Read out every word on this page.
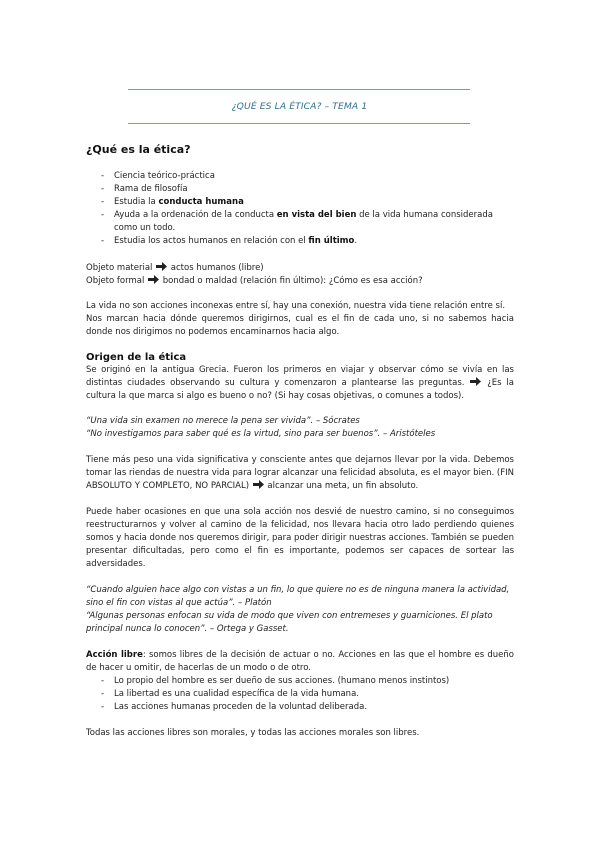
¿QUÉ ES LA ÉTICA? – TEMA 1
¿Qué es la ética?
- Ciencia teórico-práctica
- Rama de filosofía
- Estudia la conducta humana
- Ayuda a la ordenación de la conducta en vista del bien de la vida humana considerada como un todo.
- Estudia los actos humanos en relación con el fin último.

Objeto material actos humanos (libre)

Objeto formal bondad o maldad (relación fin último): ¿Cómo es esa acción?

La vida no son acciones inconexas entre sí, hay una conexión, nuestra vida tiene relación entre sí.

Nos marcan hacia dónde queremos dirigirnos, cual es el fin de cada uno, si no sabemos hacia donde nos dirigimos no podemos encaminarnos hacia algo.

Origen de la ética

Se originó en la antigua Grecia. Fueron los primeros en viajar y observar cómo se vivía en las distintas ciudades observando su cultura y comenzaron a plantearse las preguntas.	¿Es la cultura la que marca si algo es bueno o no? (Si hay cosas objetivas, o comunes a todos).

“Una vida sin examen no merece la pena ser vivida”. – Sócrates

“No investigamos para saber qué es la virtud, sino para ser buenos”. – Aristóteles

Tiene más peso una vida significativa y consciente antes que dejarnos llevar por la vida. Debemos tomar las riendas de nuestra vida para lograr alcanzar una felicidad absoluta, es el mayor bien. (FIN ABSOLUTO Y COMPLETO, NO PARCIAL) alcanzar una meta, un fin absoluto.

Puede haber ocasiones en que una sola acción nos desvié de nuestro camino, si no conseguimos reestructurarnos y volver al camino de la felicidad, nos llevara hacia otro lado perdiendo quienes somos y hacia donde nos queremos dirigir, para poder dirigir nuestras acciones. También se pueden presentar dificultadas, pero como el fin es importante, podemos ser capaces de sortear las adversidades.

“Cuando alguien hace algo con vistas a un fin, lo que quiere no es de ninguna manera la actividad, sino el fin con vistas al que actúa”. – Platón

“Algunas personas enfocan su vida de modo que viven con entremeses y guarniciones. El plato principal nunca lo conocen”. – Ortega y Gasset.

Acción libre: somos libres de la decisión de actuar o no. Acciones en las que el hombre es dueño de hacer u omitir, de hacerlas de un modo o de otro.

- Lo propio del hombre es ser dueño de sus acciones. (humano menos instintos)
- La libertad es una cualidad específica de la vida humana.
- Las acciones humanas proceden de la voluntad deliberada.

Todas las acciones libres son morales, y todas las acciones morales son libres.
